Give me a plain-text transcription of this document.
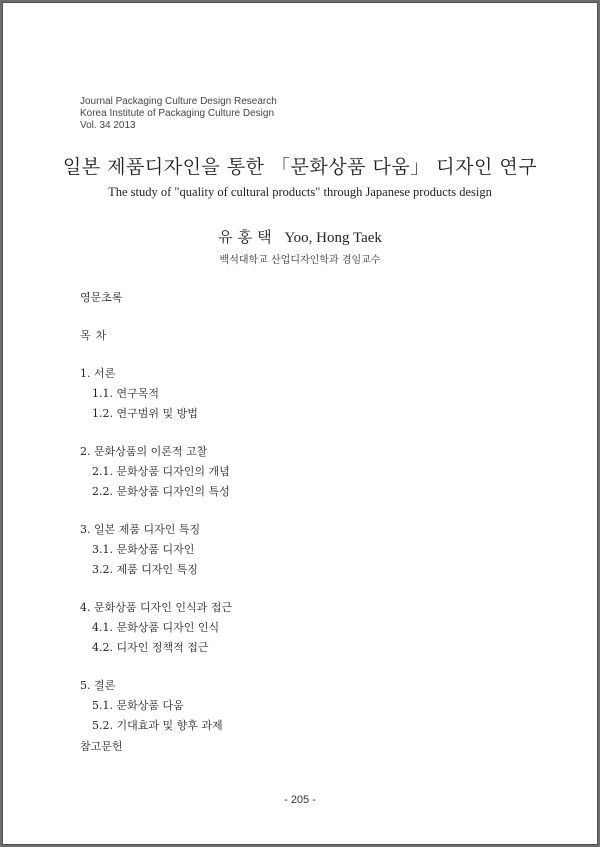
Journal Packaging Culture Design Research
Korea Institute of Packaging Culture Design
Vol. 34 2013
일본 제품디자인을 통한 「문화상품 다움」 디자인 연구
The study of "quality of cultural products" through Japanese products design
유홍택 Yoo, Hong Taek
백석대학교 산업디자인학과 겸임교수
영문초록
목차
1. 서론
1.1. 연구목적
1.2. 연구범위 및 방법
2. 문화상품의 이론적 고찰
2.1. 문화상품 디자인의 개념
2.2. 문화상품 디자인의 특성
3. 일본 제품 디자인 특징
3.1. 문화상품 디자인
3.2. 제품 디자인 특징
4. 문화상품 디자인 인식과 접근
4.1. 문화상품 디자인 인식
4.2. 디자인 정책적 접근
5. 결론
5.1. 문화상품 다움
5.2. 기대효과 및 향후 과제
참고문헌
- 205 -
